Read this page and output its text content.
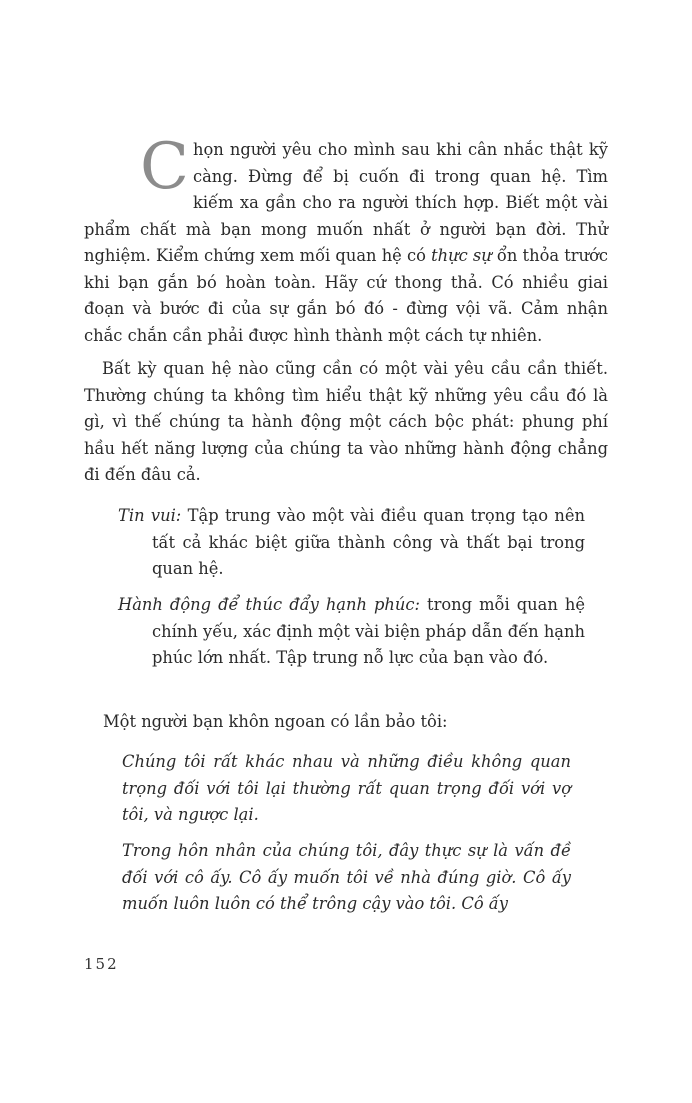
Chọn người yêu cho mình sau khi cân nhắc thật kỹ càng. Đừng để bị cuốn đi trong quan hệ. Tìm kiếm xa gần cho ra người thích hợp. Biết một vài phẩm chất mà bạn mong muốn nhất ở người bạn đời. Thử nghiệm. Kiểm chứng xem mối quan hệ có thực sự ổn thỏa trước khi bạn gắn bó hoàn toàn. Hãy cứ thong thả. Có nhiều giai đoạn và bước đi của sự gắn bó đó - đừng vội vã. Cảm nhận chắc chắn cần phải được hình thành một cách tự nhiên.

Bất kỳ quan hệ nào cũng cần có một vài yêu cầu cần thiết. Thường chúng ta không tìm hiểu thật kỹ những yêu cầu đó là gì, vì thế chúng ta hành động một cách bộc phát: phung phí hầu hết năng lượng của chúng ta vào những hành động chẳng đi đến đâu cả.

Tin vui: Tập trung vào một vài điều quan trọng tạo nên tất cả khác biệt giữa thành công và thất bại trong quan hệ.

Hành động để thúc đẩy hạnh phúc: trong mỗi quan hệ chính yếu, xác định một vài biện pháp dẫn đến hạnh phúc lớn nhất. Tập trung nỗ lực của bạn vào đó.

Một người bạn khôn ngoan có lần bảo tôi:

Chúng tôi rất khác nhau và những điều không quan trọng đối với tôi lại thường rất quan trọng đối với vợ tôi, và ngược lại.

Trong hôn nhân của chúng tôi, đây thực sự là vấn đề đối với cô ấy. Cô ấy muốn tôi về nhà đúng giờ. Cô ấy muốn luôn luôn có thể trông cậy vào tôi. Cô ấy

152
